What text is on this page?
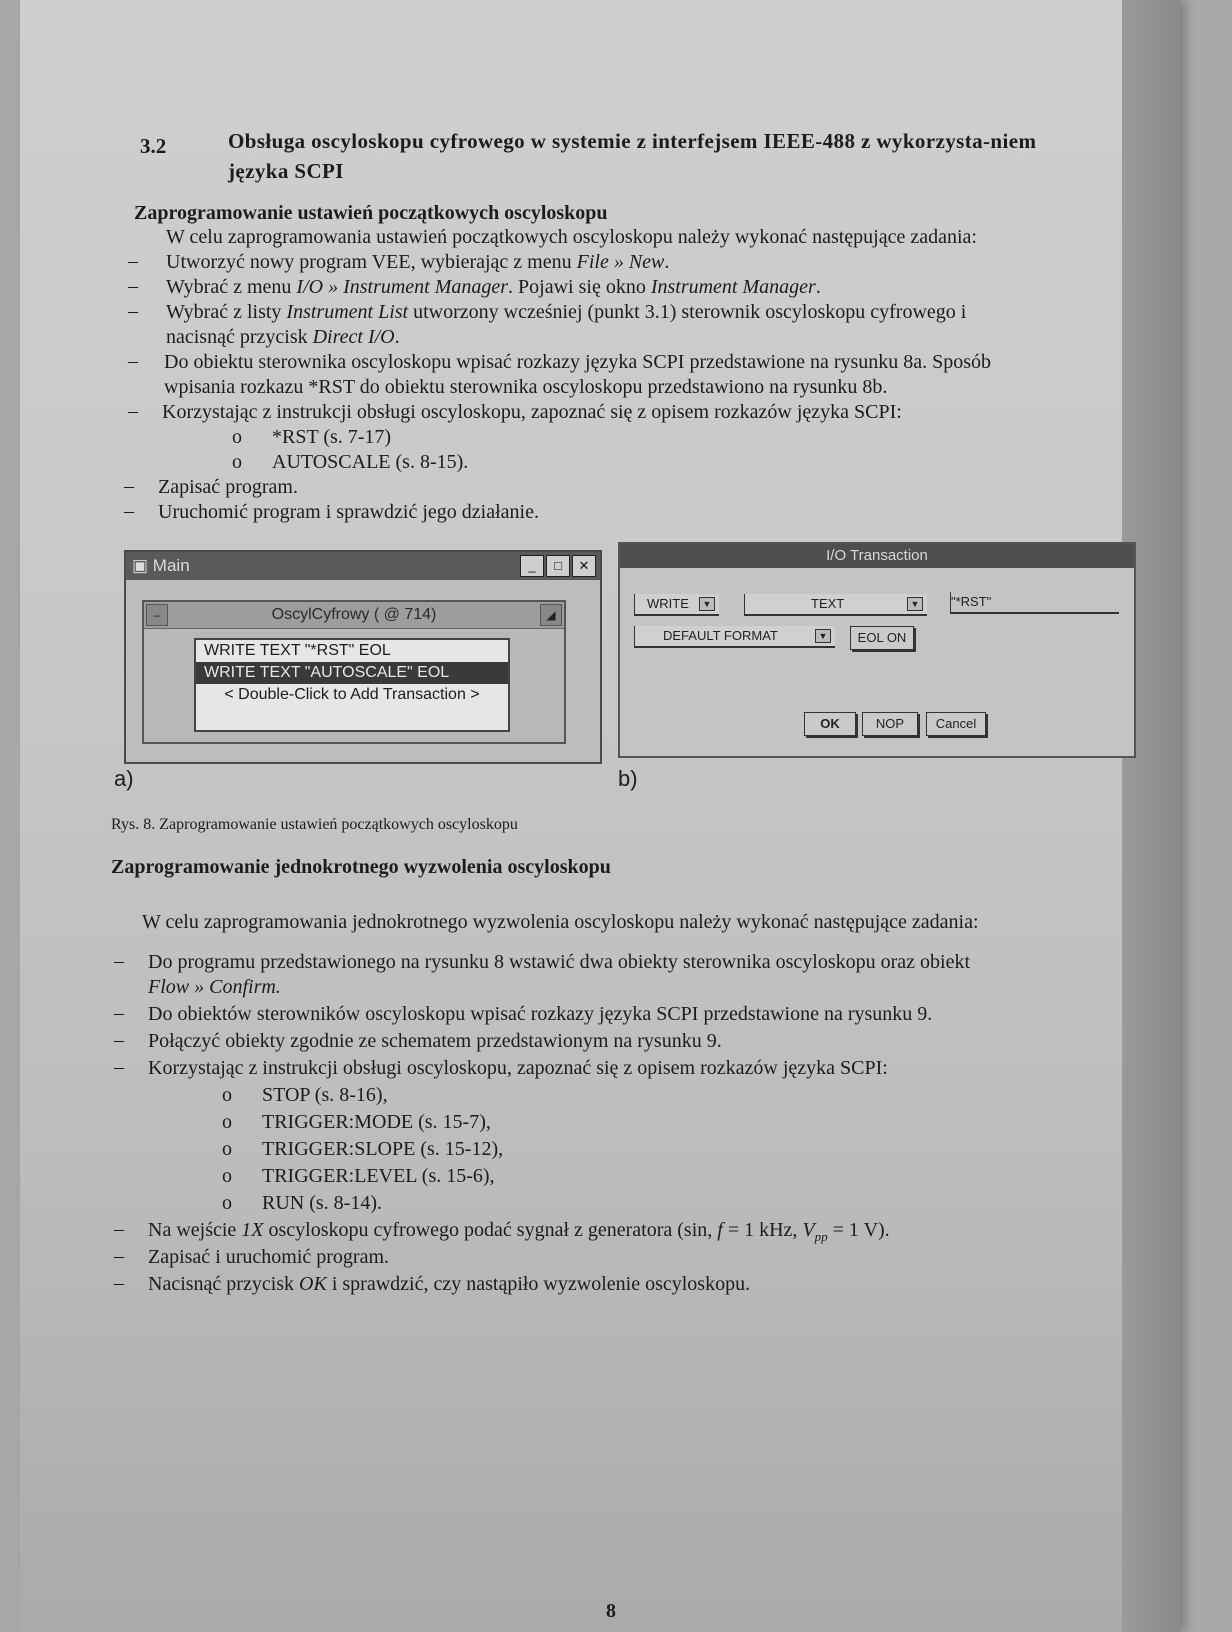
3.2	Obsługa oscyloskopu cyfrowego w systemie z interfejsem IEEE-488 z wykorzysta-niem języka SCPI
Zaprogramowanie ustawień początkowych oscyloskopu
W celu zaprogramowania ustawień początkowych oscyloskopu należy wykonać następujące zadania:
– Utworzyć nowy program VEE, wybierając z menu File » New.
– Wybrać z menu I/O » Instrument Manager. Pojawi się okno Instrument Manager.
– Wybrać z listy Instrument List utworzony wcześniej (punkt 3.1) sterownik oscyloskopu cyfrowego i
nacisnąć przycisk Direct I/O.
– Do obiektu sterownika oscyloskopu wpisać rozkazy języka SCPI przedstawione na rysunku 8a. Sposób
wpisania rozkazu *RST do obiektu sterownika oscyloskopu przedstawiono na rysunku 8b.
– Korzystając z instrukcji obsługi oscyloskopu, zapoznać się z opisem rozkazów języka SCPI:
o *RST (s. 7-17)
o AUTOSCALE (s. 8-15).
– Zapisać program.
– Uruchomić program i sprawdzić jego działanie.
▣ Main	_	□	✕
–	OscylCyfrowy ( @ 714)	◢
WRITE TEXT "*RST" EOL
WRITE TEXT "AUTOSCALE" EOL
< Double-Click to Add Transaction >
a)
I/O Transaction
WRITE	▼	TEXT	▼ "*RST"
DEFAULT FORMAT	▼	EOL ON
OK	NOP	Cancel
b)
Rys. 8. Zaprogramowanie ustawień początkowych oscyloskopu
Zaprogramowanie jednokrotnego wyzwolenia oscyloskopu
W celu zaprogramowania jednokrotnego wyzwolenia oscyloskopu należy wykonać następujące zadania:
– Do programu przedstawionego na rysunku 8 wstawić dwa obiekty sterownika oscyloskopu oraz obiekt
Flow » Confirm.
– Do obiektów sterowników oscyloskopu wpisać rozkazy języka SCPI przedstawione na rysunku 9.
– Połączyć obiekty zgodnie ze schematem przedstawionym na rysunku 9.
– Korzystając z instrukcji obsługi oscyloskopu, zapoznać się z opisem rozkazów języka SCPI:
o STOP (s. 8-16),
o TRIGGER:MODE (s. 15-7),
o TRIGGER:SLOPE (s. 15-12),
o TRIGGER:LEVEL (s. 15-6),
o RUN (s. 8-14).
– Na wejście 1X oscyloskopu cyfrowego podać sygnał z generatora (sin, f = 1 kHz, $V_{pp} = 1$ V).
– Zapisać i uruchomić program.
– Nacisnąć przycisk OK i sprawdzić, czy nastąpiło wyzwolenie oscyloskopu.
8
